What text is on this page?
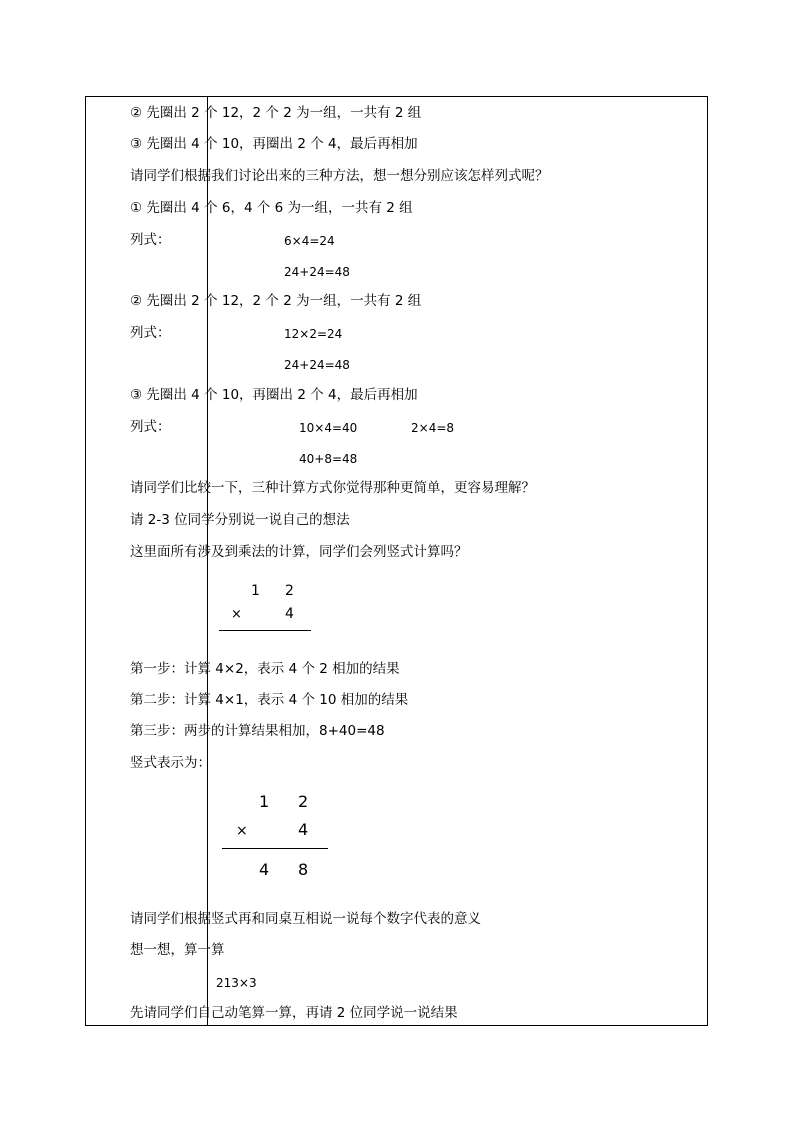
② 先圈出 2 个 12，2 个 2 为一组，一共有 2 组
③ 先圈出 4 个 10，再圈出 2 个 4，最后再相加
请同学们根据我们讨论出来的三种方法，想一想分别应该怎样列式呢？
① 先圈出 4 个 6，4 个 6 为一组，一共有 2 组
列式：	6×4=24
24+24=48
② 先圈出 2 个 12，2 个 2 为一组，一共有 2 组
列式：	12×2=24
24+24=48
③ 先圈出 4 个 10，再圈出 2 个 4，最后再相加
列式：	10×4=40	2×4=8
40+8=48
请同学们比较一下，三种计算方式你觉得那种更简单，更容易理解？
请 2-3 位同学分别说一说自己的想法
这里面所有涉及到乘法的计算，同学们会列竖式计算吗？
1 2
×	4
第一步：计算 4×2，表示 4 个 2 相加的结果
第二步：计算 4×1，表示 4 个 10 相加的结果
第三步：两步的计算结果相加，8+40=48
竖式表示为：
1 2
×	4
4 8
请同学们根据竖式再和同桌互相说一说每个数字代表的意义
想一想，算一算
213×3
先请同学们自己动笔算一算，再请 2 位同学说一说结果
